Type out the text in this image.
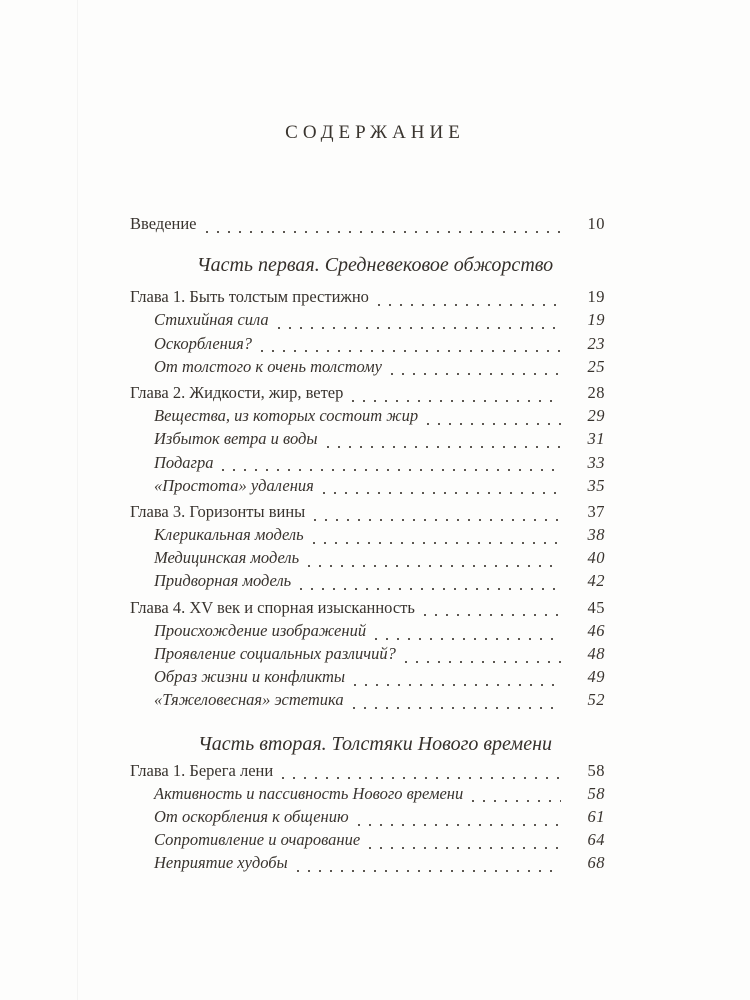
СОДЕРЖАНИЕ
Введение	10
Часть первая. Средневековое обжорство
Глава 1. Быть толстым престижно	19
Стихийная сила	19
Оскорбления?	23
От толстого к очень толстому	25
Глава 2. Жидкости, жир, ветер	28
Вещества, из которых состоит жир	29
Избыток ветра и воды	31
Подагра	33
«Простота» удаления	35
Глава 3. Горизонты вины	37
Клерикальная модель	38
Медицинская модель	40
Придворная модель	42
Глава 4. XV век и спорная изысканность	45
Происхождение изображений	46
Проявление социальных различий?	48
Образ жизни и конфликты	49
«Тяжеловесная» эстетика	52
Часть вторая. Толстяки Нового времени
Глава 1. Берега лени	58
Активность и пассивность Нового времени	58
От оскорбления к общению	61
Сопротивление и очарование	64
Неприятие худобы	68
